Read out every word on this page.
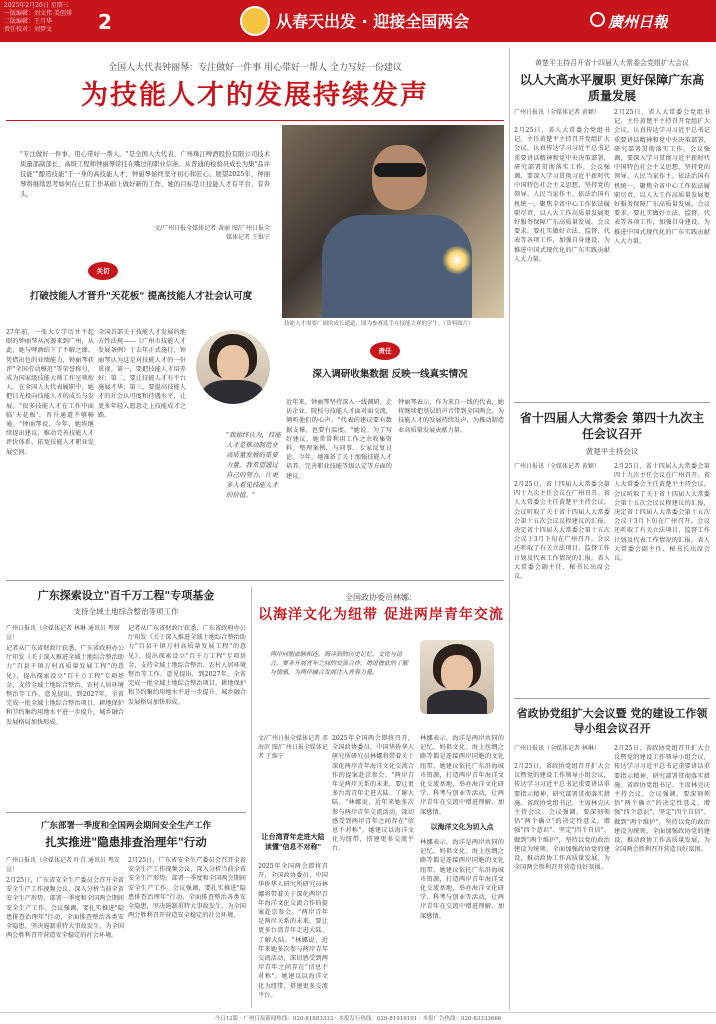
2025年2月26日 星期三
一版编辑：刘文伟 美创排
二版编辑：王月华
责任校对：刘梦文	2	从春天出发 · 迎接全国两会	廣州日報
全国人大代表钟丽琴：专注做好一件事 用心带好一帮人 全力写好一份建议
为技能人才的发展持续发声
"专注做好一件事，用心带好一帮人。"是全国人大代表、广州珠江啤酒股份有限公司技术质量部副部长、高级工程师钟丽琴常挂在嘴边的职业信条。从普通的检验员成长为集"品评技能""酿造技能"于一身的高技能人才，钟丽琴始终坚守初心和匠心。展望2025年，钟丽琴将继续思考如何在已有工作基础上做好新的工作，她的目标是让技能人才有平台、有奔头。
文/广州日报全媒体记者 黄丽 图/广州日报全媒体记者 王维宁
技能人才需要广阔的成长通道，图为参赛选手在技能大赛的学生。（资料图片）
关切
打破技能人才晋升"天花板" 提高技能人才社会认可度
27年前，一张大专学历并不起眼的钟丽琴从河源来到广州，从此，她与啤酒结下了不解之缘。凭借出色的业绩能力，钟丽琴获评"全国劳动模范"等荣誉称号，成为国家级技能大师工作室领衔人。在全国人大代表履职中，她把目光投向技能人才的成长与发展。"很多技能人才在工作中面临'天花板'，晋升通道不够畅通。"钟丽琴说，今年，她将继续提出建议，推动完善技能人才评价体系，拓宽技能人才职业发展空间。
全国首部关于技能人才发展的地方性法规——《广州市技能人才发展条例》于去年正式施行，钟丽琴认为这是对技能人才的一份重视。第一，要把技能人才培养好；第二，要让技能人才有平台施展才华；第三，要提高技能人才的社会认可度和待遇水平，让更多年轻人愿意走上技能成才之路。
"我始终认为，技能人才是推动制造业高质量发展的重要力量，我希望通过自己的努力，让更多人看见技能人才的价值。"
责任
深入调研收集数据 反映一线真实情况
近年来，钟丽琴坚持深入一线调研，走访企业、院校与技能人才面对面交流，倾听他们的心声。"代表的建议要有数据支撑，也要有温度。"她说。为了写好建议，她常常利用工作之余收集资料、整理案例，与同事、专家反复讨论。今年，她准备了关于加强技能人才培养、完善职业技能等级认定等方面的建议。
钟丽琴表示，作为来自一线的代表，她将继续把基层的声音带到全国两会，为技能人才的发展持续发声，为推动制造业高质量发展贡献力量。
广东探索设立"百千万工程"专项基金
支持全域土地综合整治等项工作
广州日报讯（全媒体记者 林琳 通讯员 粤财宣）
记者从广东省财政厅获悉，广东省政府办公厅印发《关于深入推进全域土地综合整治助力"百县千镇万村高质量发展工程"的意见》，提出探索设立"百千万工程"专项基金，支持全域土地综合整治、农村人居环境整治等工作。意见提出，到2027年，全省完成一批全域土地综合整治项目，耕地保护和节约集约用地水平进一步提升，城乡融合发展格局加快形成。
记者从广东省财政厅获悉，广东省政府办公厅印发《关于深入推进全域土地综合整治助力"百县千镇万村高质量发展工程"的意见》，提出探索设立"百千万工程"专项基金，支持全域土地综合整治、农村人居环境整治等工作。意见提出，到2027年，全省完成一批全域土地综合整治项目，耕地保护和节约集约用地水平进一步提升，城乡融合发展格局加快形成。
广东部署一季度和全国两会期间安全生产工作
扎实推进"隐患排查治理年"行动
广州日报讯（全媒体记者 叶青 通讯员 粤安宣）
2月25日，广东省安全生产委员会召开全省安全生产工作视频会议，深入分析当前全省安全生产形势，部署一季度和全国两会期间安全生产工作。会议强调，要扎实推进"隐患排查治理年"行动，全面排查整治各类安全隐患，坚决遏制重特大事故发生，为全国两会胜利召开营造安全稳定的社会环境。
2月25日，广东省安全生产委员会召开全省安全生产工作视频会议，深入分析当前全省安全生产形势，部署一季度和全国两会期间安全生产工作。会议强调，要扎实推进"隐患排查治理年"行动，全面排查整治各类安全隐患，坚决遏制重特大事故发生，为全国两会胜利召开营造安全稳定的社会环境。
全国政协委员林娜：
以海洋文化为纽带 促进两岸青年交流
两岸同胞血脉相连，海洋到的历史记忆、文化与语言，要多开展青年之间的交流合作，增进彼此的了解与情感，为两岸融合发展注入青春力量。
文/广州日报全媒体记者 邓海滨 图/广州日报全媒体记者 王维宁
让台湾青年走进大陆 读懂"信息不对称"
2025年全国两会即将召开，全国政协委员、中国华侨华人研究所研究员林娜将带着关于深化两岸青年海洋文化交流合作的提案赴京参会。"两岸青年是两岸关系的未来，要让更多台湾青年走进大陆、了解大陆。"林娜说，近年来她多次参与两岸青年交流活动，深切感受到两岸青年之间存在"信息不对称"。她建议以海洋文化为纽带，搭建更多交流平台。
2025年全国两会即将召开，全国政协委员、中国华侨华人研究所研究员林娜将带着关于深化两岸青年海洋文化交流合作的提案赴京参会。"两岸青年是两岸关系的未来，要让更多台湾青年走进大陆、了解大陆。"林娜说，近年来她多次参与两岸青年交流活动，深切感受到两岸青年之间存在"信息不对称"。她建议以海洋文化为纽带，搭建更多交流平台。
以海洋文化为切入点
林娜表示，海洋是两岸共同的记忆，妈祖文化、海上丝绸之路等都是连接两岸同胞的文化纽带。她建议依托广东沿海城市资源，打造两岸青年海洋文化交流基地，举办海洋文化研学、科考与创业等活动，让两岸青年在交流中增进理解、加深感情。
林娜表示，海洋是两岸共同的记忆，妈祖文化、海上丝绸之路等都是连接两岸同胞的文化纽带。她建议依托广东沿海城市资源，打造两岸青年海洋文化交流基地，举办海洋文化研学、科考与创业等活动，让两岸青年在交流中增进理解、加深感情。
黄楚平主持召开省十四届人大常委会党组扩大会议
以人大高水平履职 更好保障广东高质量发展
广州日报讯（全媒体记者 黄颖）
2月25日，省人大常委会党组书记、主任黄楚平主持召开党组扩大会议，认真传达学习习近平总书记重要讲话精神和党中央决策部署，研究部署贯彻落实工作。会议强调，要深入学习贯彻习近平新时代中国特色社会主义思想，坚持党的领导、人民当家作主、依法治国有机统一，聚焦全省中心工作依法履职尽责，以人大工作高质量发展更好服务保障广东高质量发展。会议要求，要扎实做好立法、监督、代表等各项工作，加强自身建设，为推进中国式现代化的广东实践贡献人大力量。
2月25日，省人大常委会党组书记、主任黄楚平主持召开党组扩大会议，认真传达学习习近平总书记重要讲话精神和党中央决策部署，研究部署贯彻落实工作。会议强调，要深入学习贯彻习近平新时代中国特色社会主义思想，坚持党的领导、人民当家作主、依法治国有机统一，聚焦全省中心工作依法履职尽责，以人大工作高质量发展更好服务保障广东高质量发展。会议要求，要扎实做好立法、监督、代表等各项工作，加强自身建设，为推进中国式现代化的广东实践贡献人大力量。
省十四届人大常委会 第四十九次主任会议召开
黄楚平主持会议
广州日报讯（全媒体记者 黄颖）
2月25日，省十四届人大常委会第四十九次主任会议在广州召开。省人大常委会主任黄楚平主持会议。会议听取了关于省十四届人大常委会第十五次会议议程建议的汇报，决定省十四届人大常委会第十五次会议于3月下旬在广州召开。会议还听取了有关立法项目、监督工作计划及代表工作情况的汇报。省人大常委会副主任、秘书长出席会议。
2月25日，省十四届人大常委会第四十九次主任会议在广州召开。省人大常委会主任黄楚平主持会议。会议听取了关于省十四届人大常委会第十五次会议议程建议的汇报，决定省十四届人大常委会第十五次会议于3月下旬在广州召开。会议还听取了有关立法项目、监督工作计划及代表工作情况的汇报。省人大常委会副主任、秘书长出席会议。
省政协党组扩大会议暨 党的建设工作领导小组会议召开
广州日报讯（全媒体记者 林琳）
2月25日，省政协党组召开扩大会议暨党的建设工作领导小组会议，传达学习习近平总书记重要讲话重要指示精神，研究部署贯彻落实措施。省政协党组书记、主席林克庆主持会议。会议强调，要深刻领悟"两个确立"的决定性意义，增强"四个意识"、坚定"四个自信"、做到"两个维护"，坚持以党的政治建设为统领，全面加强政协党的建设，推动政协工作高质量发展，为全国两会胜利召开营造良好氛围。
2月25日，省政协党组召开扩大会议暨党的建设工作领导小组会议，传达学习习近平总书记重要讲话重要指示精神，研究部署贯彻落实措施。省政协党组书记、主席林克庆主持会议。会议强调，要深刻领悟"两个确立"的决定性意义，增强"四个意识"、坚定"四个自信"、做到"两个维护"，坚持以党的政治建设为统领，全面加强政协党的建设，推动政协工作高质量发展，为全国两会胜利召开营造良好氛围。
今日12版 · 广州日报新闻热线：020-81883333 · 本报发行热线：020-81919191 · 本报广告热线：020-83333666
